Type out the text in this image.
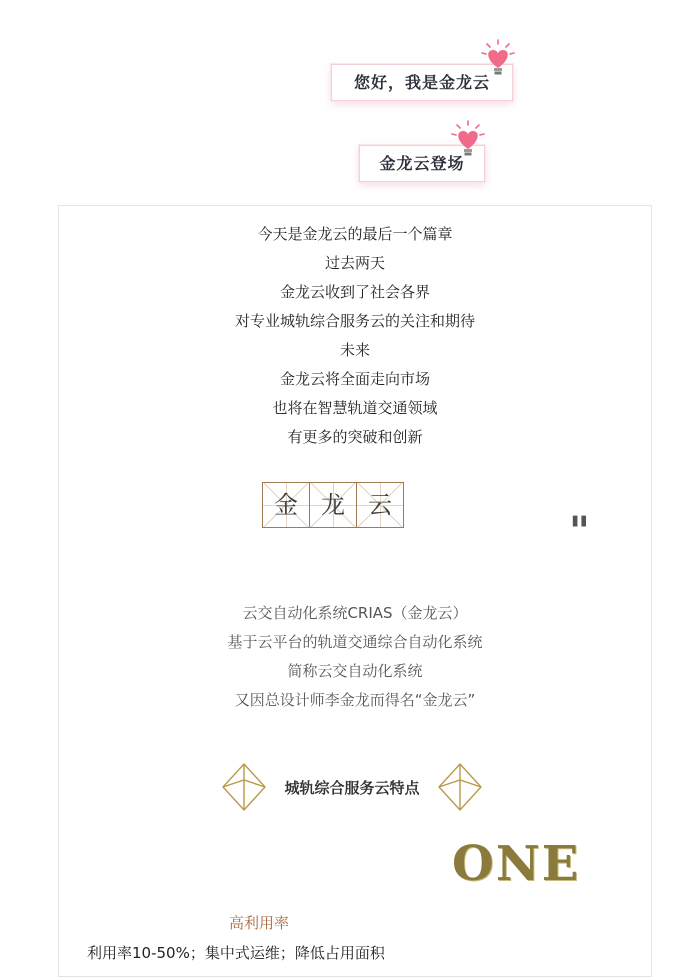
您好，我是金龙云
金龙云登场
今天是金龙云的最后一个篇章
过去两天
金龙云收到了社会各界
对专业城轨综合服务云的关注和期待
未来
金龙云将全面走向市场
也将在智慧轨道交通领域
有更多的突破和创新
金 龙 云
"
云交自动化系统CRIAS（金龙云）
基于云平台的轨道交通综合自动化系统
简称云交自动化系统
又因总设计师李金龙而得名“金龙云”
城轨综合服务云特点
ONE
高利用率
利用率10-50%；集中式运维；降低占用面积
